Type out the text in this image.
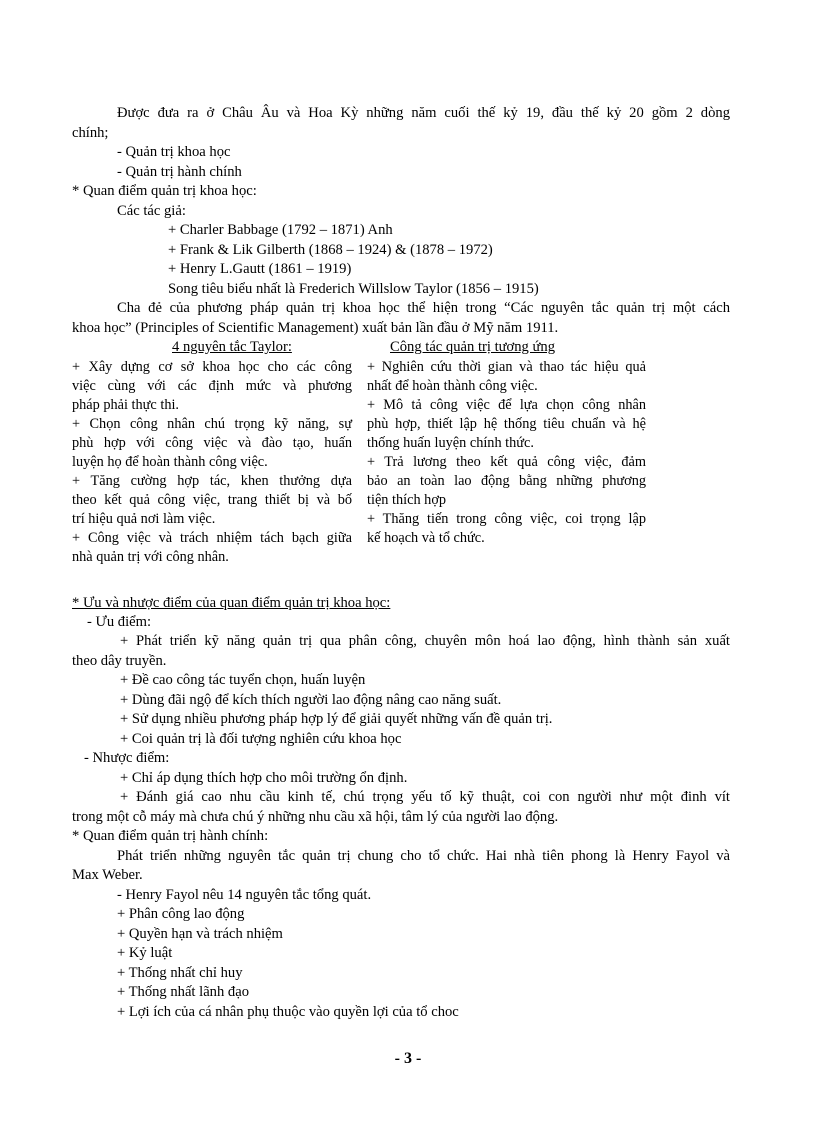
Được đưa ra ở Châu Âu và Hoa Kỳ những năm cuối thế kỷ 19, đầu thế kỷ 20 gồm 2 dòng
chính;
- Quản trị khoa học
- Quản trị hành chính
* Quan điểm quản trị khoa học:
Các tác giả:
+ Charler Babbage (1792 – 1871) Anh
+ Frank & Lik Gilberth (1868 – 1924) & (1878 – 1972)
+ Henry L.Gautt (1861 – 1919)
Song tiêu biểu nhất là Frederich Willslow Taylor (1856 – 1915)
Cha đẻ của phương pháp quản trị khoa học thể hiện trong “Các nguyên tắc quản trị một cách
khoa học” (Principles of Scientific Management) xuất bản lần đầu ở Mỹ năm 1911.
4 nguyên tắc Taylor:	Công tác quản trị tương ứng
+ Xây dựng cơ sở khoa học cho các công
việc cùng với các định mức và phương
pháp phải thực thi.
+ Chọn công nhân chú trọng kỹ năng, sự
phù hợp với công việc và đào tạo, huấn
luyện họ để hoàn thành công việc.
+ Tăng cường hợp tác, khen thưởng dựa
theo kết quả công việc, trang thiết bị và bố
trí hiệu quả nơi làm việc.
+ Công việc và trách nhiệm tách bạch giữa
nhà quản trị với công nhân.
+ Nghiên cứu thời gian và thao tác hiệu quả
nhất để hoàn thành công việc.
+ Mô tả công việc để lựa chọn công nhân
phù hợp, thiết lập hệ thống tiêu chuẩn và hệ
thống huấn luyện chính thức.
+ Trả lương theo kết quả công việc, đảm
bảo an toàn lao động bằng những phương
tiện thích hợp
+ Thăng tiến trong công việc, coi trọng lập
kế hoạch và tổ chức.
* Ưu và nhược điểm của quan điểm quản trị khoa học:
- Ưu điểm:
+ Phát triển kỹ năng quản trị qua phân công, chuyên môn hoá lao động, hình thành sản xuất
theo dây truyền.
+ Đề cao công tác tuyển chọn, huấn luyện
+ Dùng đãi ngộ để kích thích người lao động nâng cao năng suất.
+ Sử dụng nhiều phương pháp hợp lý để giải quyết những vấn đề quản trị.
+ Coi quản trị là đối tượng nghiên cứu khoa học
- Nhược điểm:
+ Chỉ áp dụng thích hợp cho môi trường ổn định.
+ Đánh giá cao nhu cầu kinh tế, chú trọng yếu tố kỹ thuật, coi con người như một đinh vít
trong một cỗ máy mà chưa chú ý những nhu cầu xã hội, tâm lý của người lao động.
* Quan điểm quản trị hành chính:
Phát triển những nguyên tắc quản trị chung cho tổ chức. Hai nhà tiên phong là Henry Fayol và
Max Weber.
- Henry Fayol nêu 14 nguyên tắc tổng quát.
+ Phân công lao động
+ Quyền hạn và trách nhiệm
+ Kỷ luật
+ Thống nhất chỉ huy
+ Thống nhất lãnh đạo
+ Lợi ích của cá nhân phụ thuộc vào quyền lợi của tổ choc
- 3 -
